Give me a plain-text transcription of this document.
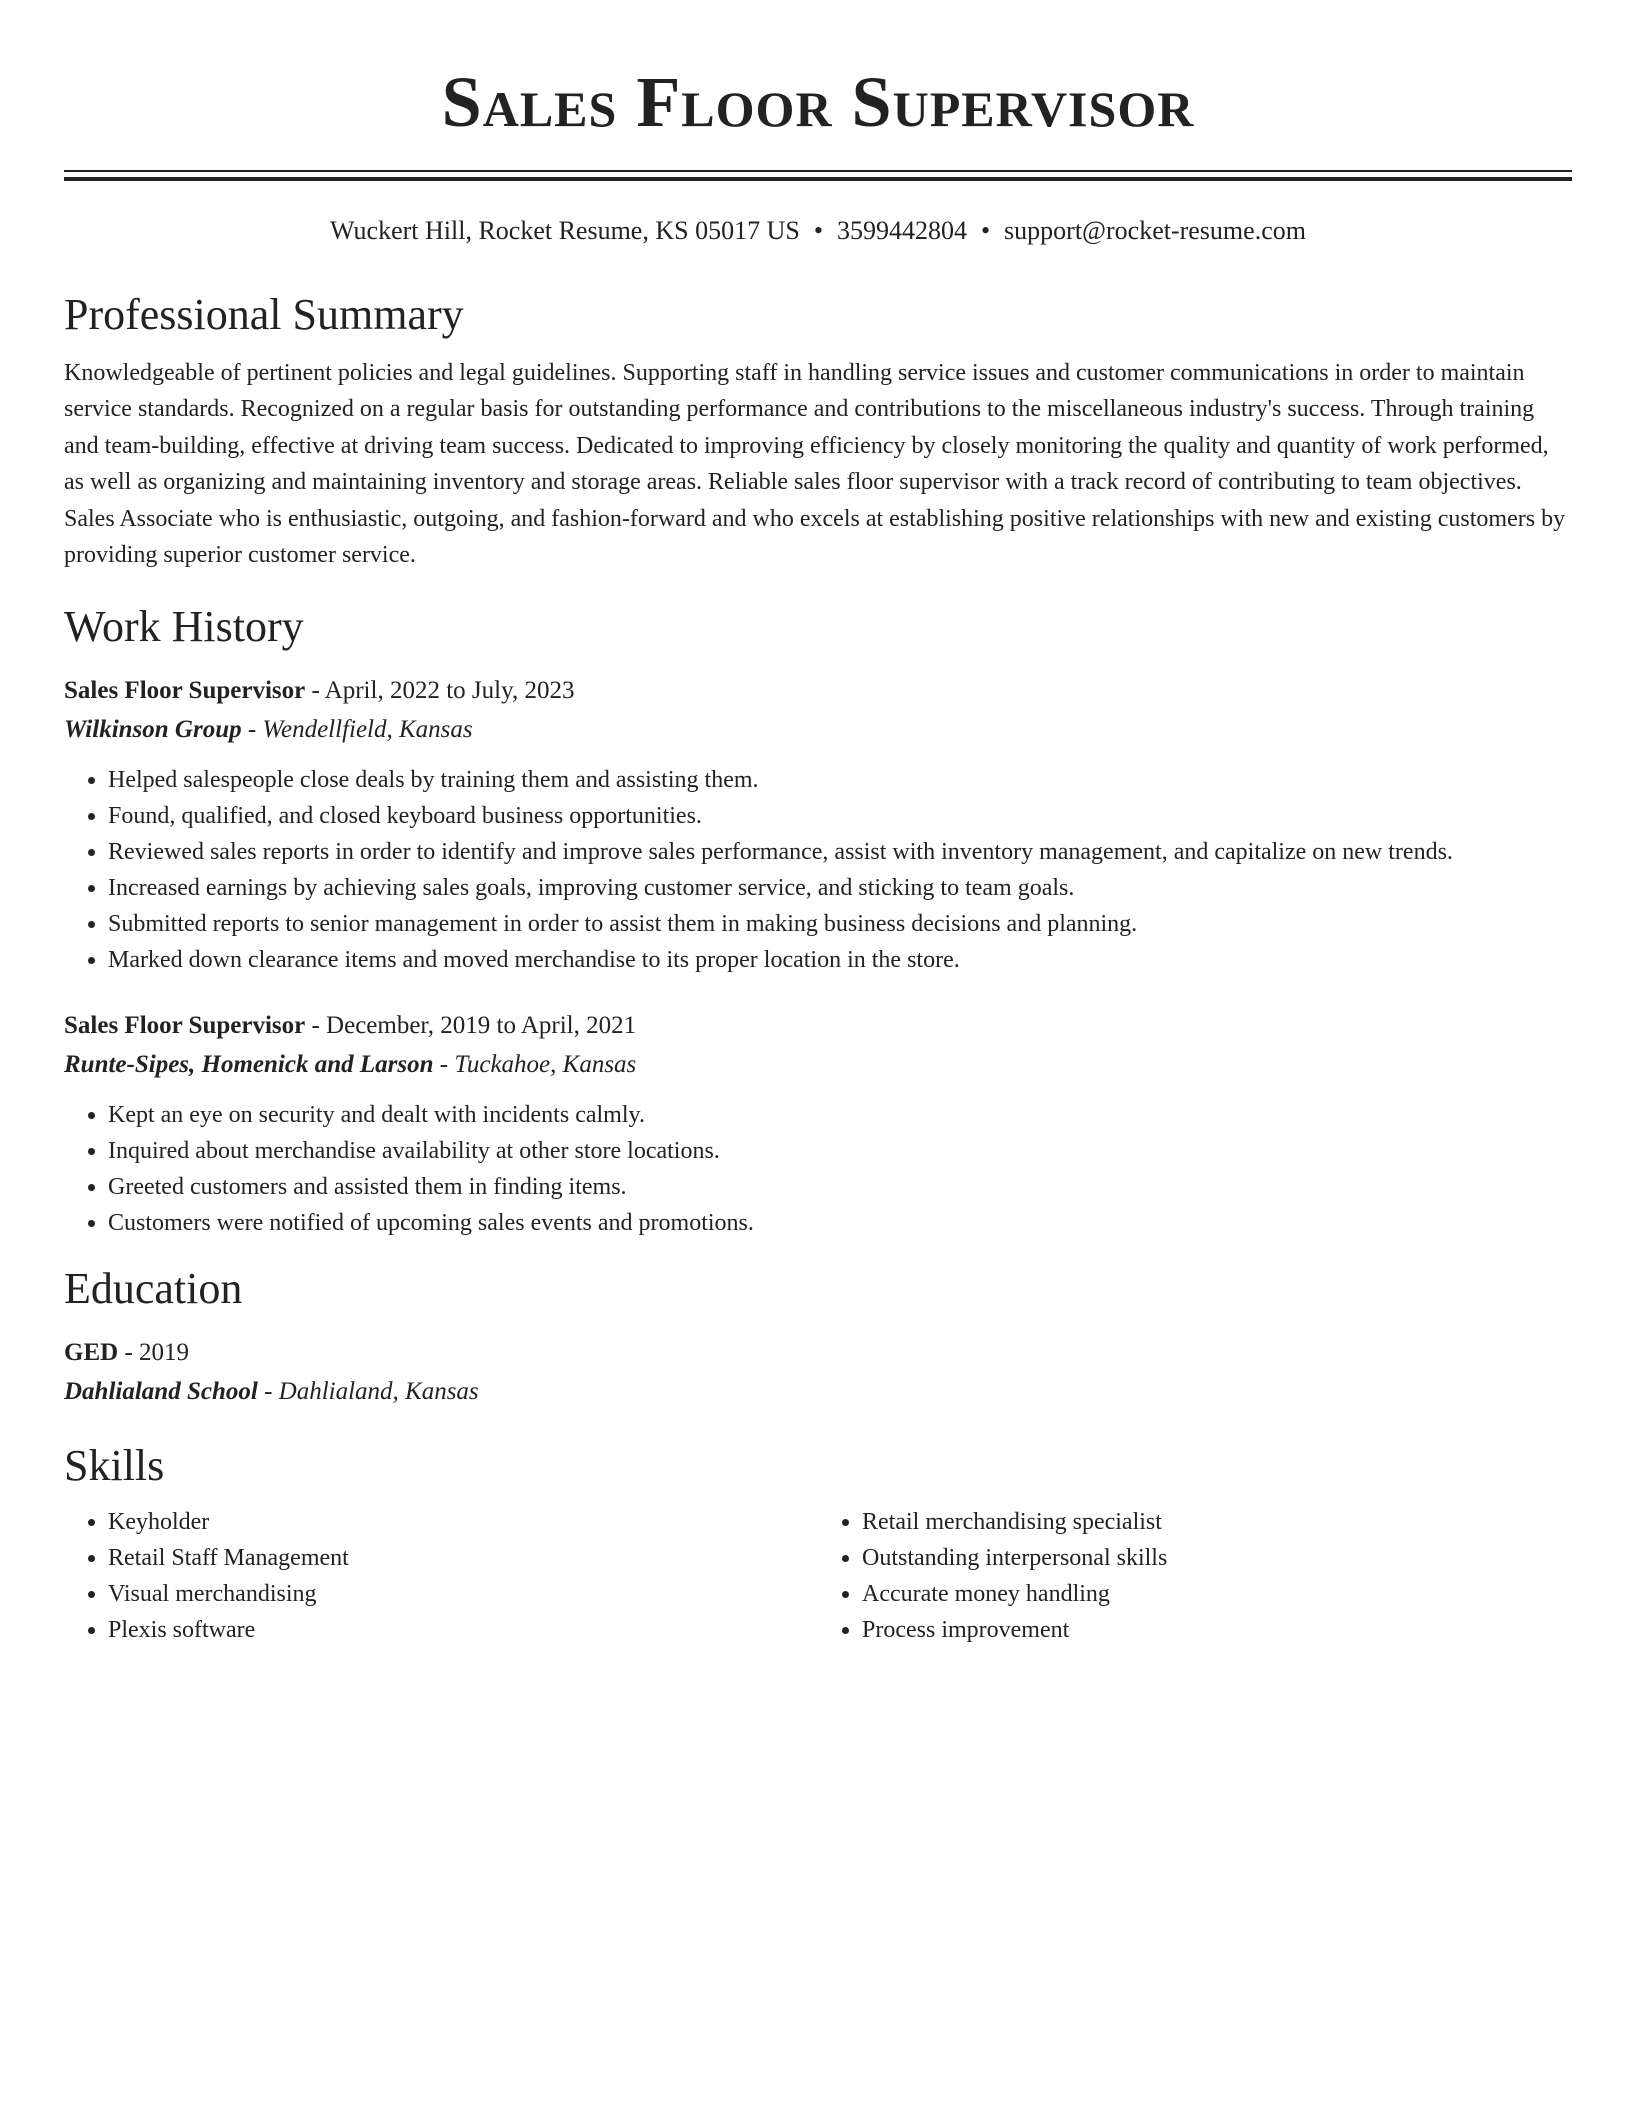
Sales Floor Supervisor
Wuckert Hill, Rocket Resume, KS 05017 US • 3599442804 • support@rocket-resume.com
Professional Summary

Knowledgeable of pertinent policies and legal guidelines. Supporting staff in handling service issues and customer communications in order to maintain service standards. Recognized on a regular basis for outstanding performance and contributions to the miscellaneous industry's success. Through training and team-building, effective at driving team success. Dedicated to improving efficiency by closely monitoring the quality and quantity of work performed, as well as organizing and maintaining inventory and storage areas. Reliable sales floor supervisor with a track record of contributing to team objectives. Sales Associate who is enthusiastic, outgoing, and fashion-forward and who excels at establishing positive relationships with new and existing customers by providing superior customer service.

Work History
Sales Floor Supervisor - April, 2022 to July, 2023
Wilkinson Group - Wendellfield, Kansas
• Helped salespeople close deals by training them and assisting them.
• Found, qualified, and closed keyboard business opportunities.
• Reviewed sales reports in order to identify and improve sales performance, assist with inventory management, and capitalize on new trends.
• Increased earnings by achieving sales goals, improving customer service, and sticking to team goals.
• Submitted reports to senior management in order to assist them in making business decisions and planning.
• Marked down clearance items and moved merchandise to its proper location in the store.
Sales Floor Supervisor - December, 2019 to April, 2021
Runte-Sipes, Homenick and Larson - Tuckahoe, Kansas
• Kept an eye on security and dealt with incidents calmly.
• Inquired about merchandise availability at other store locations.
• Greeted customers and assisted them in finding items.
• Customers were notified of upcoming sales events and promotions.
Education
GED - 2019
Dahlialand School - Dahlialand, Kansas
Skills
• Keyholder
• Retail Staff Management
• Visual merchandising
• Plexis software
• Retail merchandising specialist
• Outstanding interpersonal skills
• Accurate money handling
• Process improvement
